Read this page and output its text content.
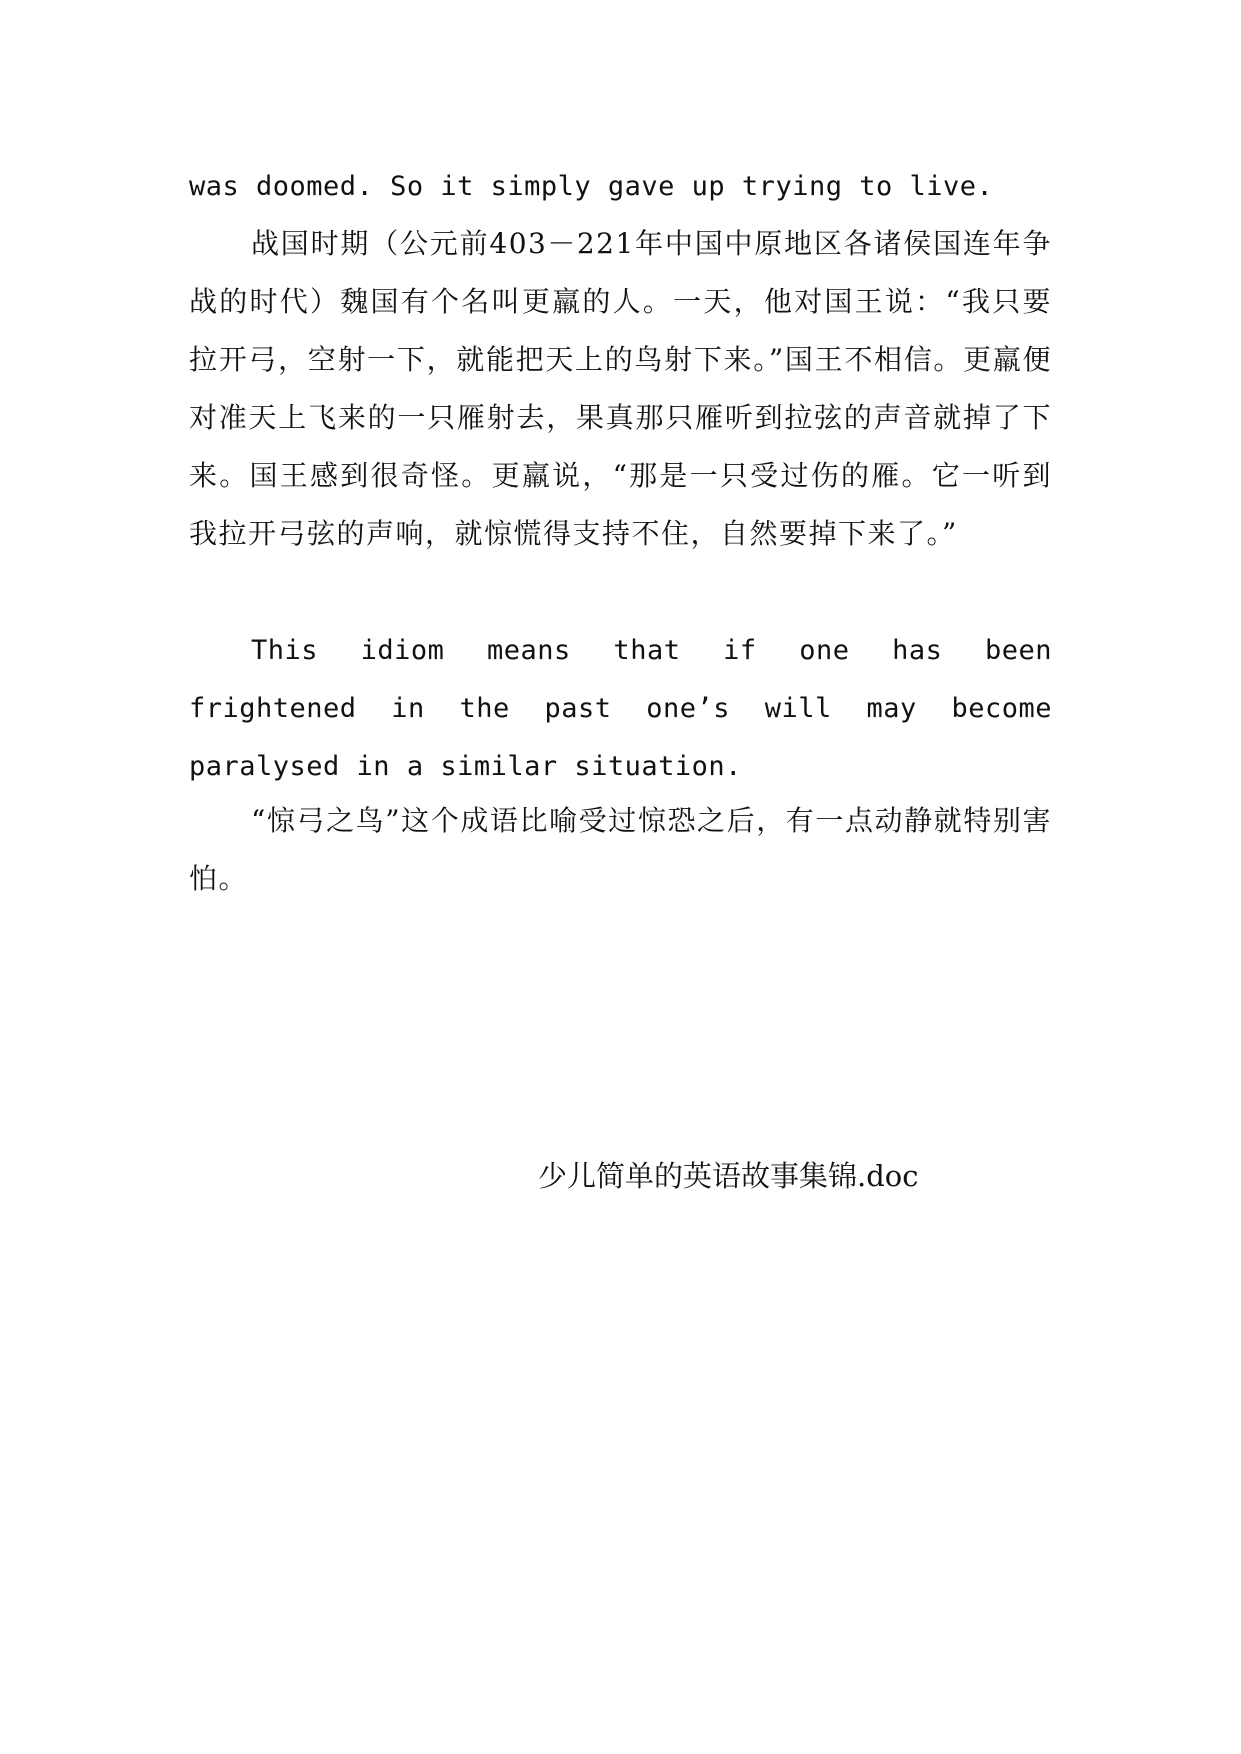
was doomed. So it simply gave up trying to live.

战国时期（公元前403－221年中国中原地区各诸侯国连年争战的时代）魏国有个名叫更羸的人。一天，他对国王说：“我只要拉开弓，空射一下，就能把天上的鸟射下来。”国王不相信。更羸便对准天上飞来的一只雁射去，果真那只雁听到拉弦的声音就掉了下来。国王感到很奇怪。更羸说，“那是一只受过伤的雁。它一听到我拉开弓弦的声响，就惊慌得支持不住，自然要掉下来了。”

This idiom means that if one has been frightened in the past one’s will may become paralysed in a similar situation.

“惊弓之鸟”这个成语比喻受过惊恐之后，有一点动静就特别害怕。

少儿简单的英语故事集锦.doc
